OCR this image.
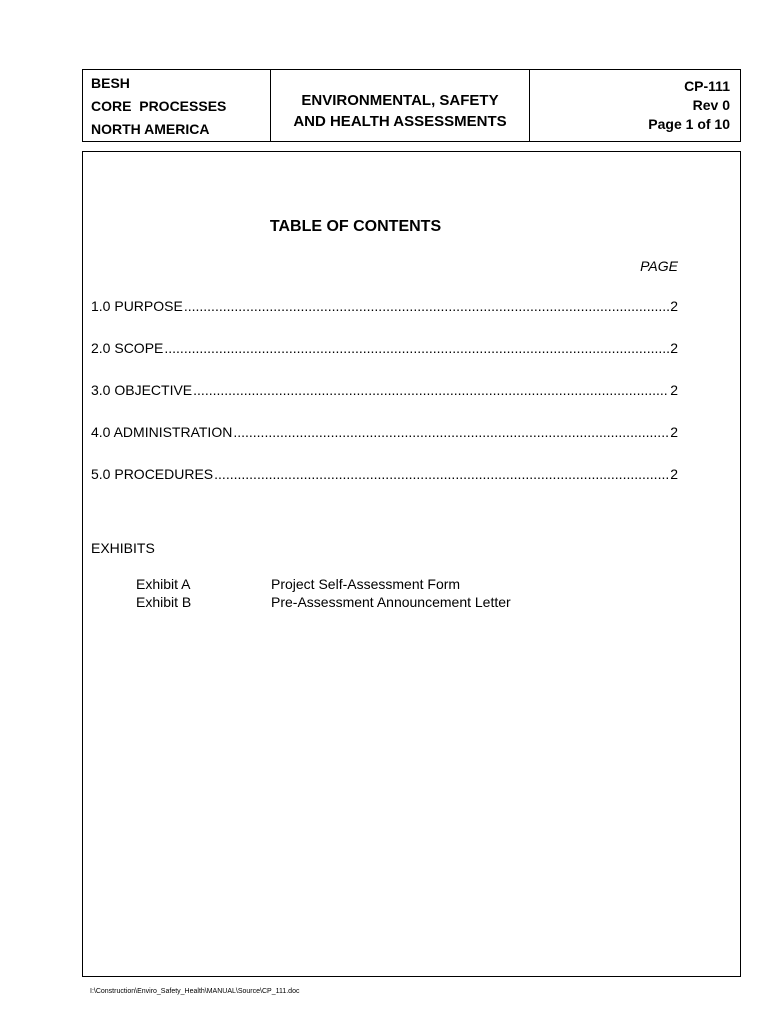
BESH
CORE  PROCESSES
NORTH AMERICA
ENVIRONMENTAL, SAFETY
AND HEALTH ASSESSMENTS
CP-111
Rev 0
Page 1 of 10
TABLE OF CONTENTS
PAGE
1.0 PURPOSE .....	2
2.0 SCOPE .....	2
3.0 OBJECTIVE .....	2
4.0 ADMINISTRATION .....	2
5.0 PROCEDURES .....	2
EXHIBITS
Exhibit A	Project Self-Assessment Form
Exhibit B	Pre-Assessment Announcement Letter
I:\Construction\Enviro_Safety_Health\MANUAL\Source\CP_111.doc
